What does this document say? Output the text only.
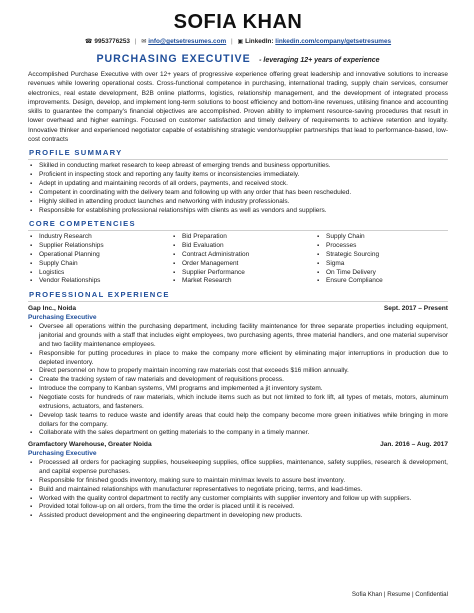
SOFIA KHAN
☎ 9953776253 | ✉ info@getsetresumes.com | ▣ LinkedIn: linkedin.com/company/getsetresumes
PURCHASING EXECUTIVE - leveraging 12+ years of experience
Accomplished Purchase Executive with over 12+ years of progressive experience offering great leadership and innovative solutions to increase revenues while lowering operational costs. Cross-functional competence in purchasing, international trading, supply chain services, consumer electronics, real estate development, B2B online platforms, logistics, relationship management, and the development of integrated process improvements. Design, develop, and implement long-term solutions to boost efficiency and bottom-line revenues, utilising finance and accounting skills to guarantee the company's financial objectives are accomplished. Proven ability to implement resource-saving procedures that result in lower overhead and higher earnings. Focused on customer satisfaction and timely delivery of requirements to achieve retention and loyalty. Innovative thinker and experienced negotiator capable of establishing strategic vendor/supplier partnerships that lead to performance-based, low-cost contracts
PROFILE SUMMARY
▪ Skilled in conducting market research to keep abreast of emerging trends and business opportunities.
▪ Proficient in inspecting stock and reporting any faulty items or inconsistencies immediately.
▪ Adept in updating and maintaining records of all orders, payments, and received stock.
▪ Competent in coordinating with the delivery team and following up with any order that has been rescheduled.
▪ Highly skilled in attending product launches and networking with industry professionals.
▪ Responsible for establishing professional relationships with clients as well as vendors and suppliers.
CORE COMPETENCIES
▪ Industry Research
▪ Supplier Relationships
▪ Operational Planning
▪ Supply Chain
▪ Logistics
▪ Vendor Relationships
▪ Bid Preparation
▪ Bid Evaluation
▪ Contract Administration
▪ Order Management
▪ Supplier Performance
▪ Market Research
▪ Supply Chain
▪ Processes
▪ Strategic Sourcing
▪ Sigma
▪ On Time Delivery
▪ Ensure Compliance
PROFESSIONAL EXPERIENCE
Gap Inc., Noida	Sept. 2017 – Present
Purchasing Executive
▪ Oversee all operations within the purchasing department, including facility maintenance for three separate properties including equipment, janitorial and grounds with a staff that includes eight employees, two purchasing agents, three material handlers, and one material supervisor and two facility maintenance employees.
▪ Responsible for putting procedures in place to make the company more efficient by eliminating major interruptions in production due to depleted inventory.
▪ Direct personnel on how to properly maintain incoming raw materials cost that exceeds $16 million annually.
▪ Create the tracking system of raw materials and development of requisitions process.
▪ Introduce the company to Kanban systems, VMI programs and implemented a jit inventory system.
▪ Negotiate costs for hundreds of raw materials, which include items such as but not limited to fork lift, all types of metals, motors, aluminum extrusions, actuators, and fasteners.
▪ Develop task teams to reduce waste and identify areas that could help the company become more green initiatives while bringing in more dollars for the company.
▪ Collaborate with the sales department on getting materials to the company in a timely manner.
Gramfactory Warehouse, Greater Noida	Jan. 2016 – Aug. 2017
Purchasing Executive
▪ Processed all orders for packaging supplies, housekeeping supplies, office supplies, maintenance, safety supplies, research & development, and capital expense purchases.
▪ Responsible for finished goods inventory, making sure to maintain min/max levels to assure best inventory.
▪ Build and maintained relationships with manufacturer representatives to negotiate pricing, terms, and lead-times.
▪ Worked with the quality control department to rectify any customer complaints with supplier inventory and follow up with suppliers.
▪ Provided total follow-up on all orders, from the time the order is placed until it is received.
▪ Assisted product development and the engineering department in developing new products.
Sofia Khan | Resume | Confidential
